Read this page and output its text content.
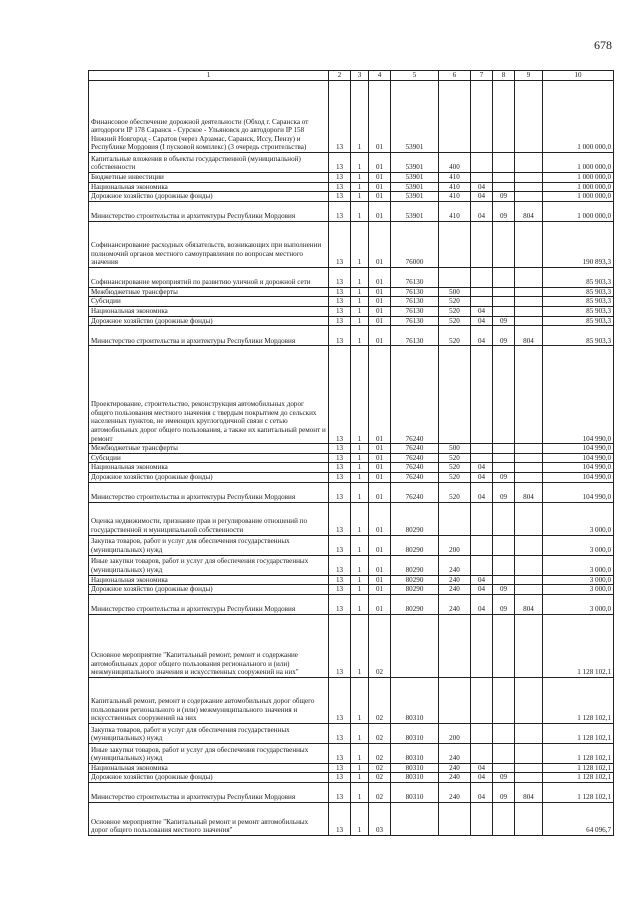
678
1	2	3	4	5	6	7	8	9	10
Финансовое обеспечение дорожной деятельности (Обход г. Саранска от автодороги IP 178 Саранск - Сурское - Ульяновск до автодороги IP 158 Нижний Новгород - Саратов (через Арзамас, Саранск, Иссу, Пензу) и Республике Мордовия (I пусковой комплекс) (3 очередь строительства)	13	1	01	53901					1 000 000,0
Капитальные вложения в объекты государственной (муниципальной) собственности	13	1	01	53901	400				1 000 000,0
Бюджетные инвестиции	13	1	01	53901	410				1 000 000,0
Национальная экономика	13	1	01	53901	410	04			1 000 000,0
Дорожное хозяйство (дорожные фонды)	13	1	01	53901	410	04	09		1 000 000,0
Министерство строительства и архитектуры Республики Мордовия	13	1	01	53901	410	04	09	804	1 000 000,0
Софинансирование расходных обязательств, возникающих при выполнении полномочий органов местного самоуправления по вопросам местного значения	13	1	01	76000					190 893,3
Софинансирование мероприятий по развитию уличной и дорожной сети	13	1	01	76130					85 903,3
Межбюджетные трансферты	13	1	01	76130	500				85 903,3
Субсидии	13	1	01	76130	520				85 903,3
Национальная экономика	13	1	01	76130	520	04			85 903,3
Дорожное хозяйство (дорожные фонды)	13	1	01	76130	520	04	09		85 903,3
Министерство строительства и архитектуры Республики Мордовия	13	1	01	76130	520	04	09	804	85 903,3
Проектирование, строительство, реконструкция автомобильных дорог общего пользования местного значения с твердым покрытием до сельских населенных пунктов, не имеющих круглогодичной связи с сетью автомобильных дорог общего пользования, а также их капитальный ремонт и ремонт	13	1	01	76240					104 990,0
Межбюджетные трансферты	13	1	01	76240	500				104 990,0
Субсидии	13	1	01	76240	520				104 990,0
Национальная экономика	13	1	01	76240	520	04			104 990,0
Дорожное хозяйство (дорожные фонды)	13	1	01	76240	520	04	09		104 990,0
Министерство строительства и архитектуры Республики Мордовия	13	1	01	76240	520	04	09	804	104 990,0
Оценка недвижимости, признание прав и регулирование отношений по государственной и муниципальной собственности	13	1	01	80290					3 000,0
Закупка товаров, работ и услуг для обеспечения государственных (муниципальных) нужд	13	1	01	80290	200				3 000,0
Иные закупки товаров, работ и услуг для обеспечения государственных (муниципальных) нужд	13	1	01	80290	240				3 000,0
Национальная экономика	13	1	01	80290	240	04			3 000,0
Дорожное хозяйство (дорожные фонды)	13	1	01	80290	240	04	09		3 000,0
Министерство строительства и архитектуры Республики Мордовия	13	1	01	80290	240	04	09	804	3 000,0
Основное мероприятие "Капитальный ремонт, ремонт и содержание автомобильных дорог общего пользования регионального и (или) межмуниципального значения и искусственных сооружений на них"	13	1	02						1 128 102,1
Капитальный ремонт, ремонт и содержание автомобильных дорог общего пользования регионального и (или) межмуниципального значения и искусственных сооружений на них	13	1	02	80310					1 128 102,1
Закупка товаров, работ и услуг для обеспечения государственных (муниципальных) нужд	13	1	02	80310	200				1 128 102,1
Иные закупки товаров, работ и услуг для обеспечения государственных (муниципальных) нужд	13	1	02	80310	240				1 128 102,1
Национальная экономика	13	1	02	80310	240	04			1 128 102,1
Дорожное хозяйство (дорожные фонды)	13	1	02	80310	240	04	09		1 128 102,1
Министерство строительства и архитектуры Республики Мордовия	13	1	02	80310	240	04	09	804	1 128 102,1
Основное мероприятие "Капитальный ремонт и ремонт автомобильных дорог общего пользования местного значения"	13	1	03						64 096,7
